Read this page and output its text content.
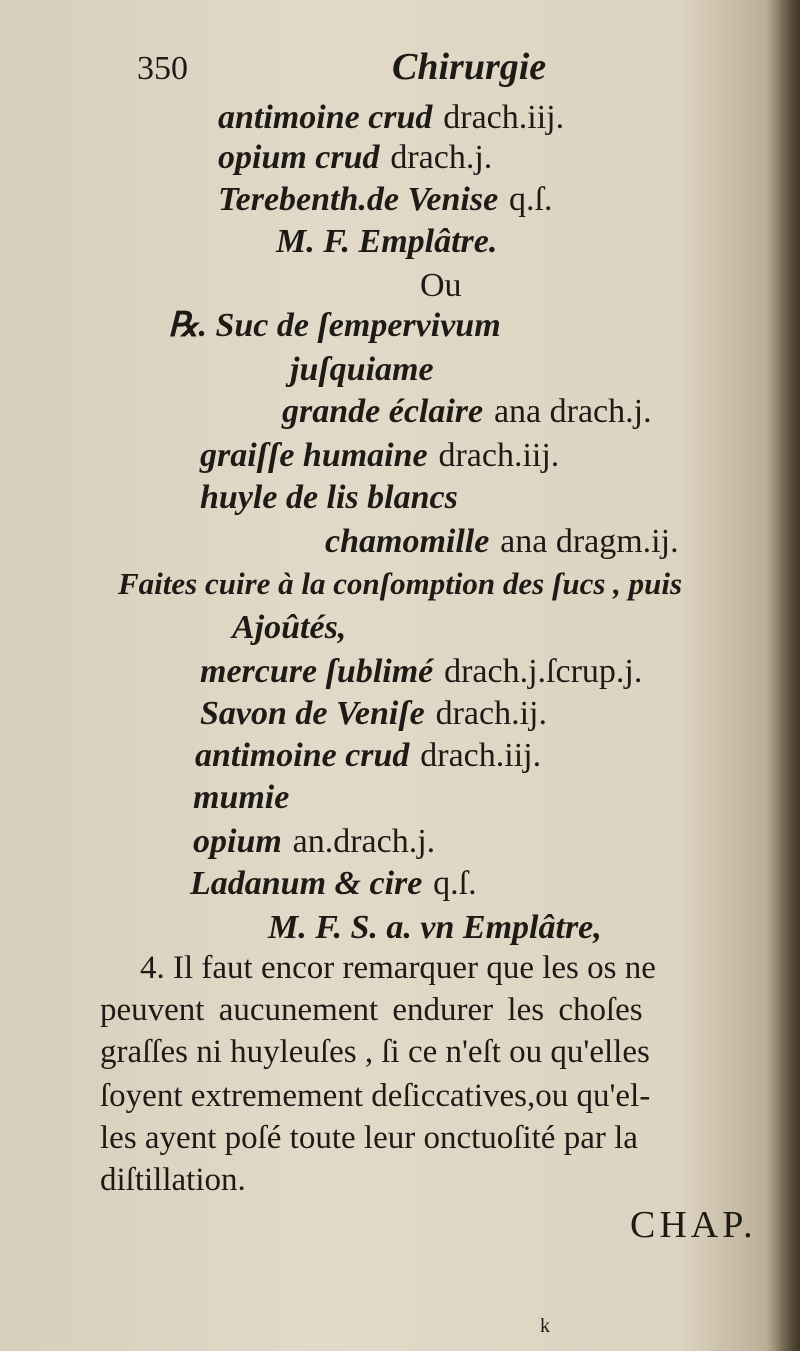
350	Chirurgie
antimoine crud drach.iij.
opium crud drach.j.
Terebenth.de Venise q.ſ.
M. F. Emplâtre.
Ou
℞. Suc de ſempervivum
juſquiame
grande éclaire ana drach.j.
graiſſe humaine drach.iij.
huyle de lis blancs
chamomille ana dragm.ij.
Faites cuire à la conſomption des ſucs , puis
Ajoûtés,
mercure ſublimé drach.j.ſcrup.j.
Savon de Veniſe drach.ij.
antimoine crud drach.iij.
mumie
opium an.drach.j.
Ladanum & cire q.ſ.
M. F. S. a. vn Emplâtre,
4. Il faut encor remarquer que les os ne
peuvent aucunement endurer les choſes
graſſes ni huyleuſes , ſi ce n'eſt ou qu'elles
ſoyent extremement deſiccatives,ou qu'el-
les ayent poſé toute leur onctuoſité par la
diſtillation.
CHAP.
k
